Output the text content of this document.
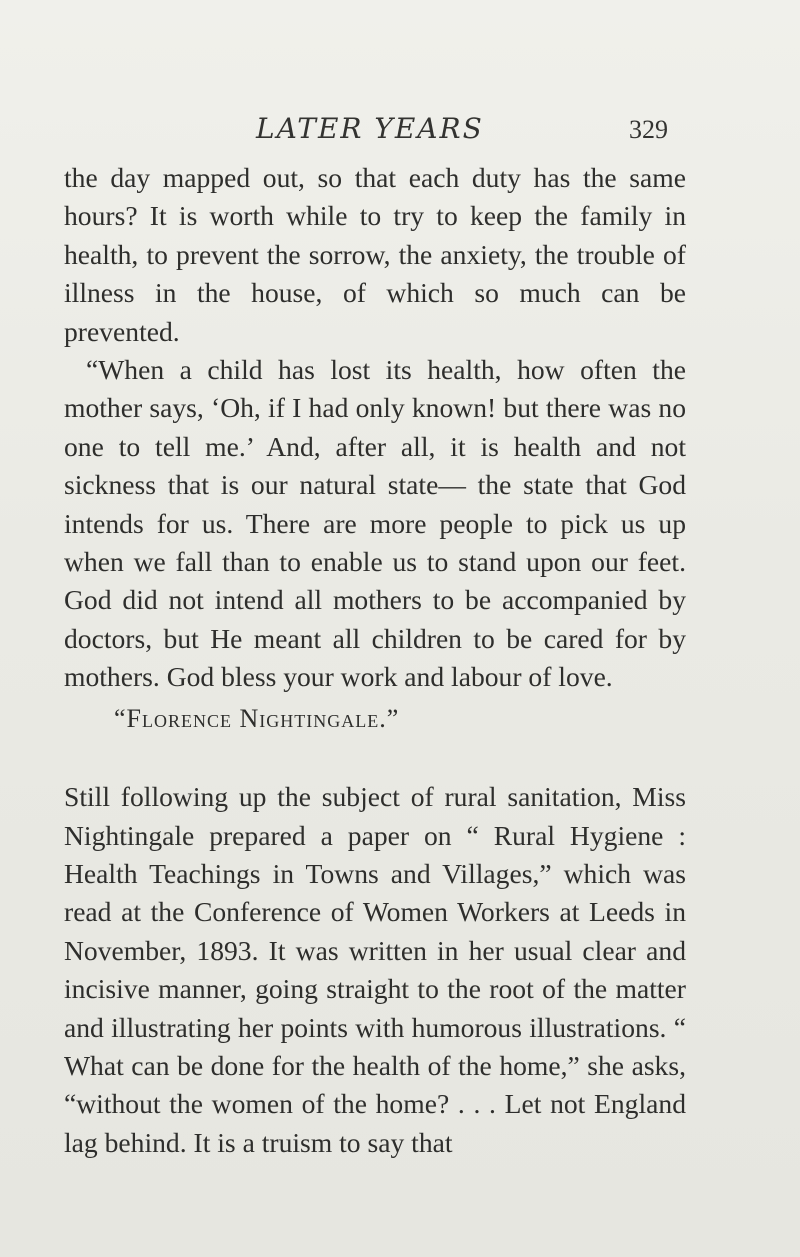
LATER YEARS	329

the day mapped out, so that each duty has the same hours? It is worth while to try to keep the family in health, to prevent the sorrow, the anxiety, the trouble of illness in the house, of which so much can be prevented.

“When a child has lost its health, how often the mother says, ‘Oh, if I had only known! but there was no one to tell me.’ And, after all, it is health and not sickness that is our natural state— the state that God intends for us. There are more people to pick us up when we fall than to enable us to stand upon our feet. God did not intend all mothers to be accompanied by doctors, but He meant all children to be cared for by mothers. God bless your work and labour of love.

“Florence Nightingale.”

Still following up the subject of rural sanitation, Miss Nightingale prepared a paper on “ Rural Hygiene : Health Teachings in Towns and Villages,” which was read at the Conference of Women Workers at Leeds in November, 1893. It was written in her usual clear and incisive manner, going straight to the root of the matter and illustrating her points with humorous illustrations. “ What can be done for the health of the home,” she asks, “without the women of the home? . . . Let not England lag behind. It is a truism to say that
